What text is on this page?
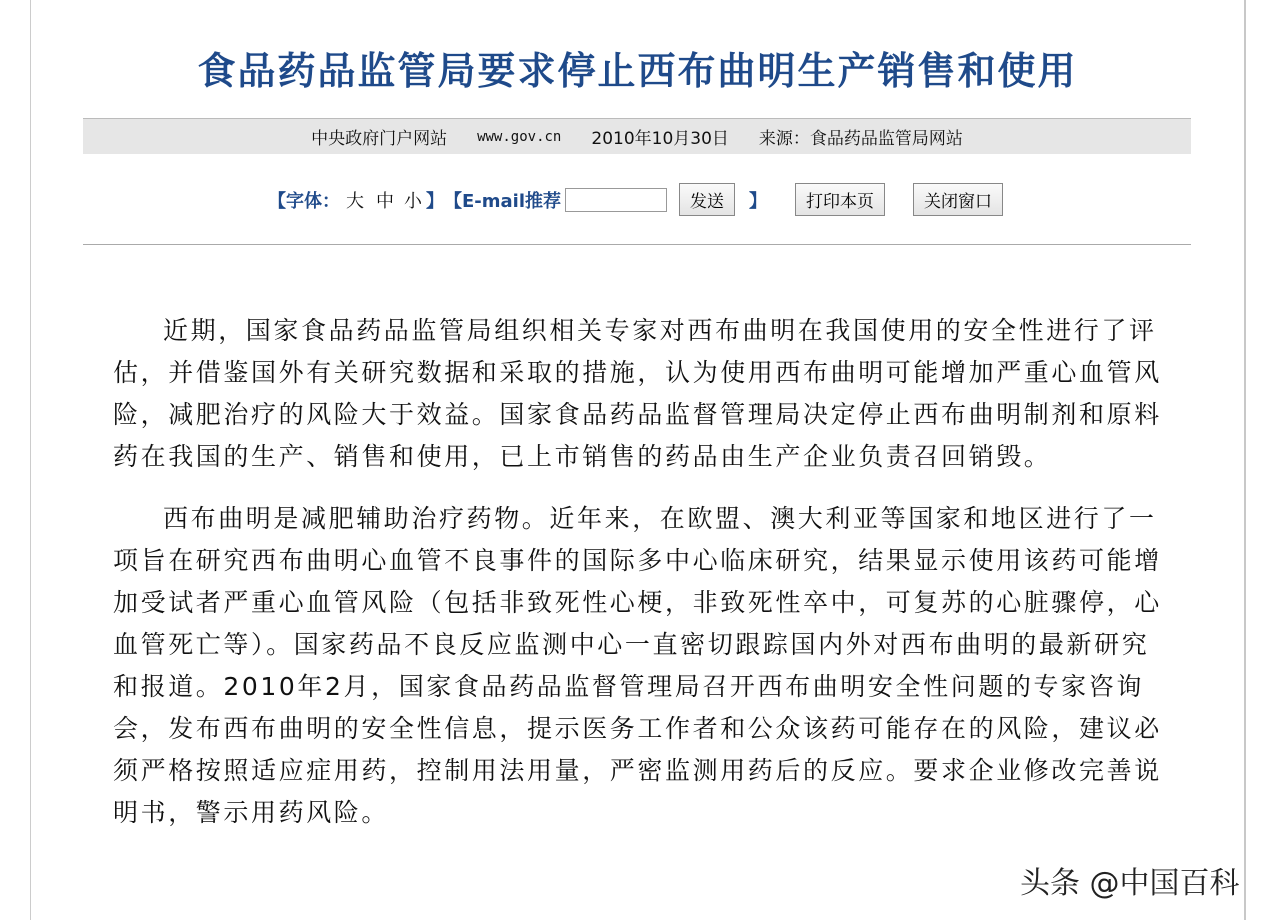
食品药品监管局要求停止西布曲明生产销售和使用
中央政府门户网站 www.gov.cn 2010年10月30日 来源：食品药品监管局网站
【字体： 大 中 小 】 【E-mail推荐	发送	】	打印本页	关闭窗口

近期，国家食品药品监管局组织相关专家对西布曲明在我国使用的安全性进行了评估，并借鉴国外有关研究数据和采取的措施，认为使用西布曲明可能增加严重心血管风险，减肥治疗的风险大于效益。国家食品药品监督管理局决定停止西布曲明制剂和原料药在我国的生产、销售和使用，已上市销售的药品由生产企业负责召回销毁。

西布曲明是减肥辅助治疗药物。近年来，在欧盟、澳大利亚等国家和地区进行了一项旨在研究西布曲明心血管不良事件的国际多中心临床研究，结果显示使用该药可能增加受试者严重心血管风险（包括非致死性心梗，非致死性卒中，可复苏的心脏骤停，心血管死亡等）。国家药品不良反应监测中心一直密切跟踪国内外对西布曲明的最新研究和报道。2010年2月，国家食品药品监督管理局召开西布曲明安全性问题的专家咨询会，发布西布曲明的安全性信息，提示医务工作者和公众该药可能存在的风险，建议必须严格按照适应症用药，控制用法用量，严密监测用药后的反应。要求企业修改完善说明书，警示用药风险。

头条 @中国百科
